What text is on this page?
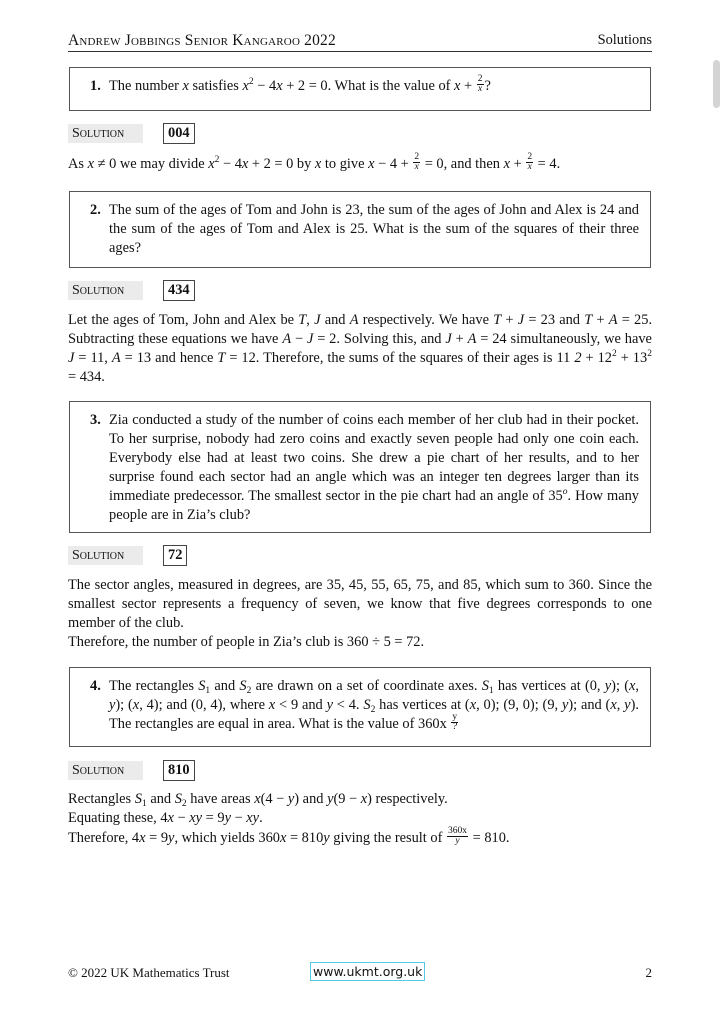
Andrew Jobbings Senior Kangaroo 2022	Solutions
1. The number x satisfies $x^2 - 4x + 2 = 0$. What is the value of $x + \frac{2}{x}$ ?
Solution	004
As x ≠ 0 we may divide $x^2 - 4x + 2 = 0$ by x to give $x - 4 + \frac{2}{x} = 0$, and then $x + \frac{2}{x} = 4$.
2. The sum of the ages of Tom and John is 23, the sum of the ages of John and Alex is 24 and the sum of the ages of Tom and Alex is 25. What is the sum of the squares of their three ages?
Solution	434
Let the ages of Tom, John and Alex be T, J and A respectively. We have T + J = 23 and T + A = 25. Subtracting these equations we have A − J = 2. Solving this, and J + A = 24 simultaneously, we have J = 11, A = 13 and hence T = 12. Therefore, the sums of the squares of their ages is 11 $2 + 12^2 + 13^2 = 434$.
3. Zia conducted a study of the number of coins each member of her club had in their pocket. To her surprise, nobody had zero coins and exactly seven people had only one coin each. Everybody else had at least two coins. She drew a pie chart of her results, and to her surprise found each sector had an angle which was an integer ten degrees larger than its immediate predecessor. The smallest sector in the pie chart had an angle of 35$^o$. How many people are in Zia’s club?
Solution	72

The sector angles, measured in degrees, are 35, 45, 55, 65, 75, and 85, which sum to 360. Since the smallest sector represents a frequency of seven, we know that five degrees corresponds to one member of the club.

Therefore, the number of people in Zia’s club is 360 ÷ 5 = 72.

4. The rectangles $S_1$ and $S_2$ are drawn on a set of coordinate axes. $S_1$ has vertices at (0, y); (x, y); (x, 4); and (0, 4), where x < 9 and y < 4. $S_2$ has vertices at (x, 0); (9, 0); (9, y); and (x, y). The rectangles are equal in area. What is the value of $360x \frac{y}{?}$
Solution	810
Rectangles $S_1$ and $S_2$ have areas x(4 − y) and y(9 − x) respectively.
Equating these, 4x − xy = 9y − xy.
Therefore, 4x = 9y, which yields 360x = 810y giving the result of $\frac{360x}{y} = 810$.
© 2022 UK Mathematics Trust	www.ukmt.org.uk	2
